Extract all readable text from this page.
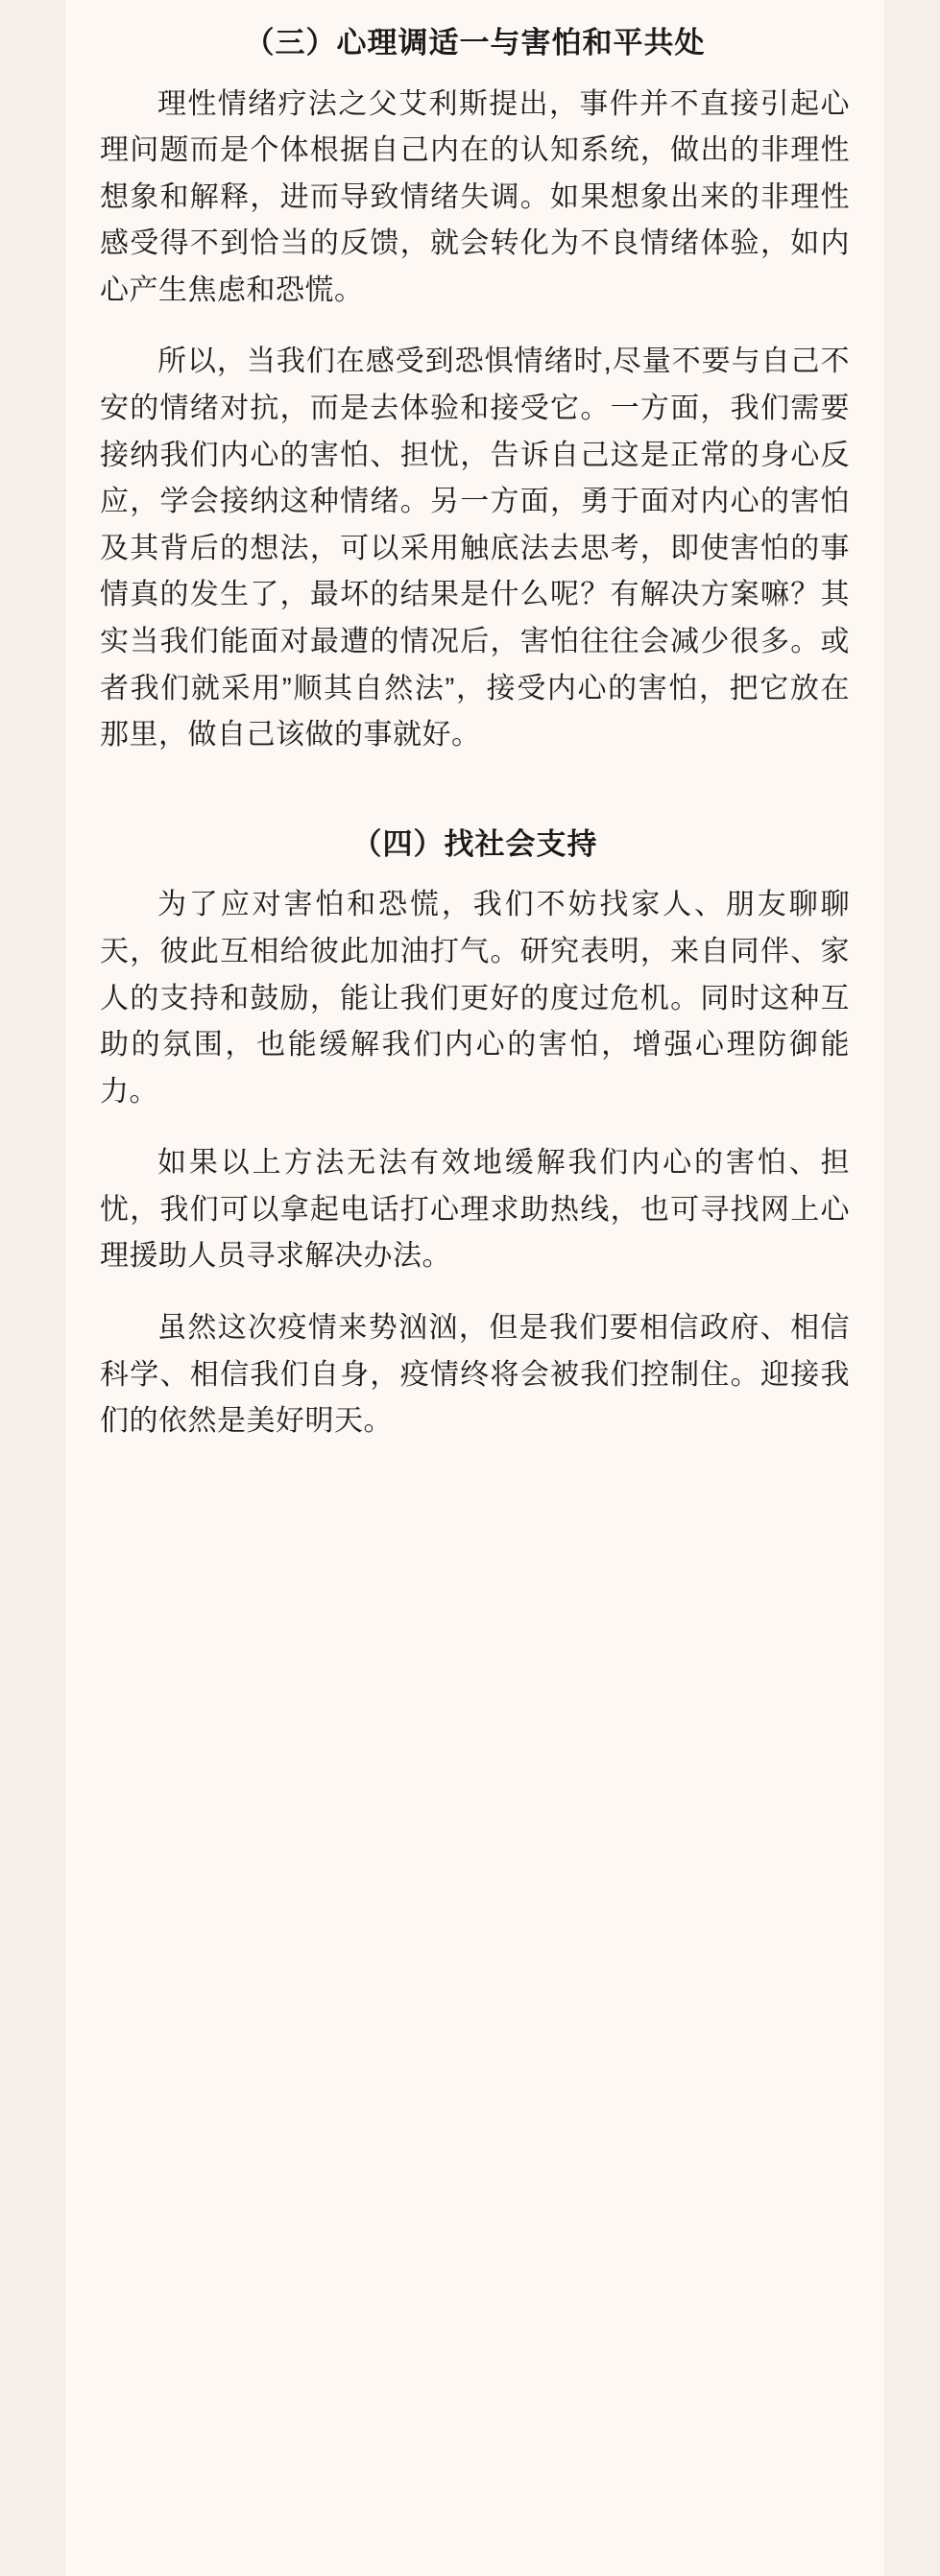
（三）心理调适一与害怕和平共处

理性情绪疗法之父艾利斯提出，事件并不直接引起心理问题而是个体根据自己内在的认知系统，做出的非理性想象和解释，进而导致情绪失调。如果想象出来的非理性感受得不到恰当的反馈，就会转化为不良情绪体验，如内心产生焦虑和恐慌。

所以，当我们在感受到恐惧情绪时,尽量不要与自己不安的情绪对抗，而是去体验和接受它。一方面，我们需要接纳我们内心的害怕、担忧，告诉自己这是正常的身心反应，学会接纳这种情绪。另一方面，勇于面对内心的害怕及其背后的想法，可以采用触底法去思考，即使害怕的事情真的发生了，最坏的结果是什么呢？有解决方案嘛？其实当我们能面对最遭的情况后，害怕往往会减少很多。或者我们就采用”顺其自然法”，接受内心的害怕，把它放在那里，做自己该做的事就好。

（四）找社会支持

为了应对害怕和恐慌，我们不妨找家人、朋友聊聊天，彼此互相给彼此加油打气。研究表明，来自同伴、家人的支持和鼓励，能让我们更好的度过危机。同时这种互助的氛围，也能缓解我们内心的害怕，增强心理防御能力。

如果以上方法无法有效地缓解我们内心的害怕、担忧，我们可以拿起电话打心理求助热线，也可寻找网上心理援助人员寻求解决办法。

虽然这次疫情来势汹汹，但是我们要相信政府、相信科学、相信我们自身，疫情终将会被我们控制住。迎接我们的依然是美好明天。
